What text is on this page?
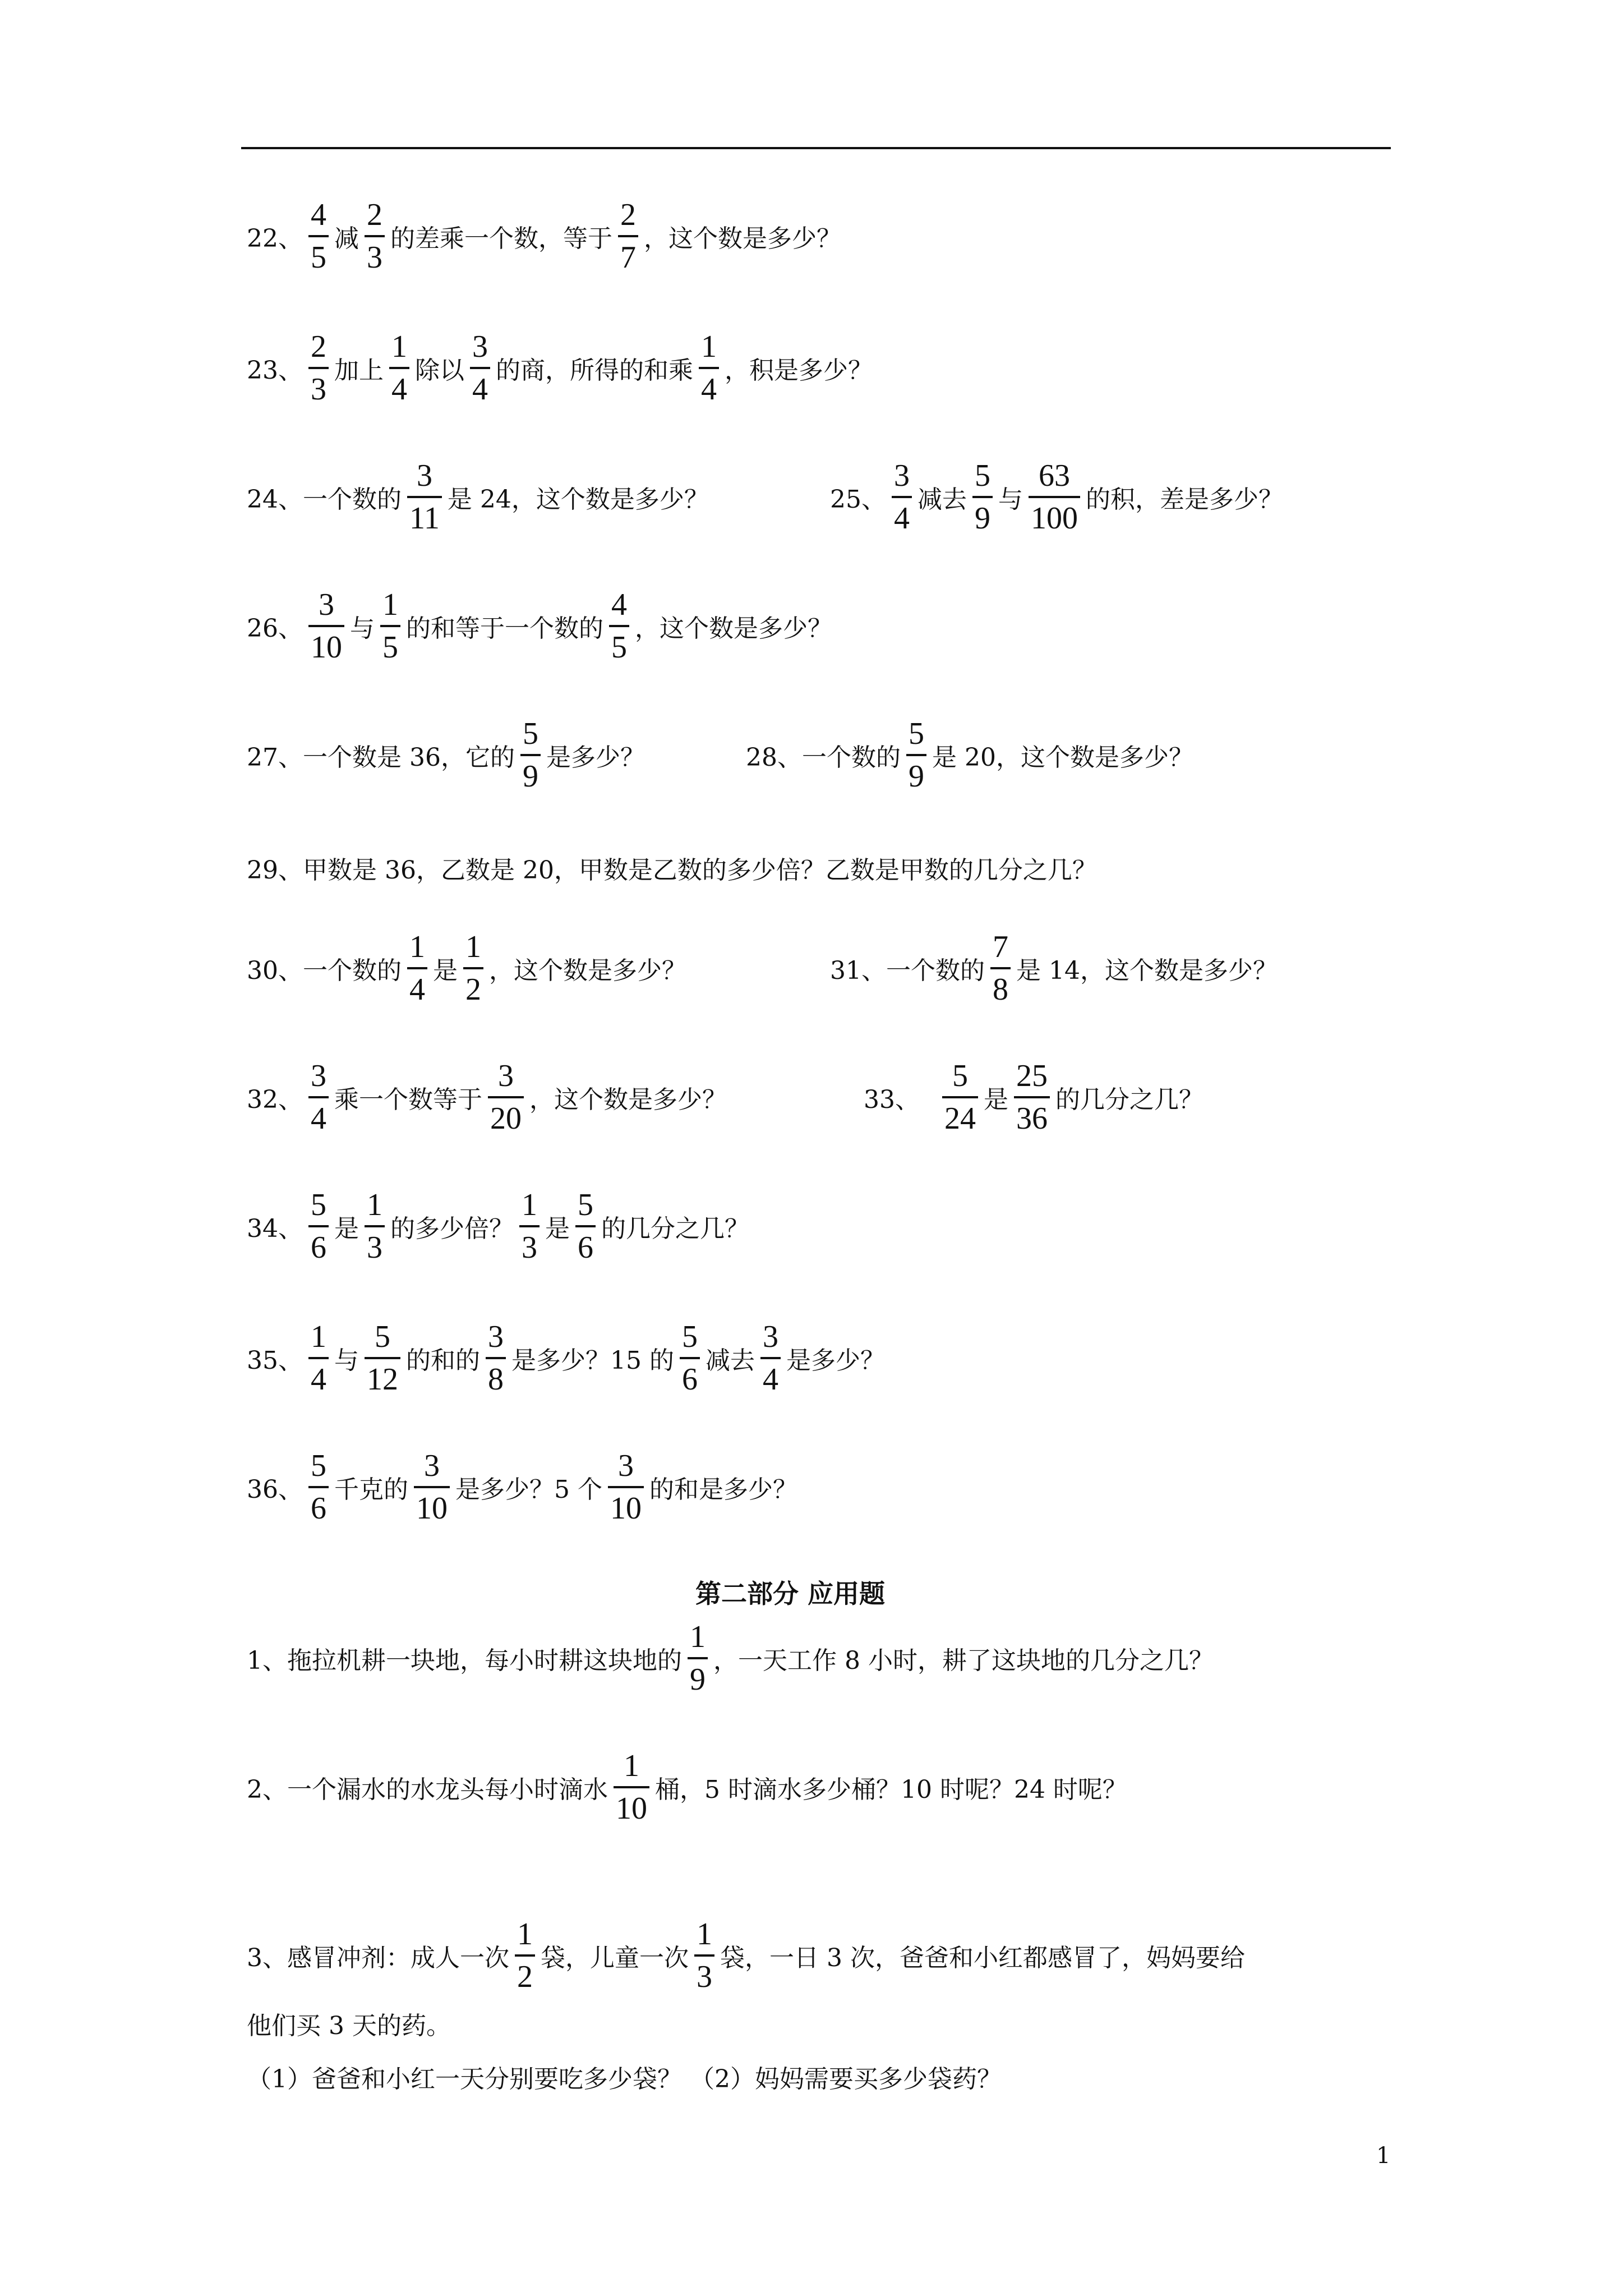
22、 $\frac{4}{5}$ 减 $\frac{2}{3}$ 的差乘一个数，等于 $\frac{2}{7}$ ，这个数是多少？
23、 $\frac{2}{3}$ 加上 $\frac{1}{4}$ 除以 $\frac{3}{4}$ 的商，所得的和乘 $\frac{1}{4}$ ，积是多少？
24、 一个数的 $\frac{3}{11}$ 是 24，这个数是多少？	25、 $\frac{3}{4}$ 减去 $\frac{5}{9}$ 与 $\frac{63}{100}$ 的积，差是多少？
26、 $\frac{3}{10}$ 与 $\frac{1}{5}$ 的和等于一个数的 $\frac{4}{5}$ ，这个数是多少？
27、 一个数是 36，它的 $\frac{5}{9}$ 是多少？	28、 一个数的 $\frac{5}{9}$ 是 20，这个数是多少？
29、甲数是 36，乙数是 20，甲数是乙数的多少倍？乙数是甲数的几分之几？
30、 一个数的 $\frac{1}{4}$ 是 $\frac{1}{2}$ ，这个数是多少？	31、 一个数的 $\frac{7}{8}$ 是 14，这个数是多少？
32、 $\frac{3}{4}$ 乘一个数等于 $\frac{3}{20}$ ，这个数是多少？	33、 $\frac{5}{24}$ 是 $\frac{25}{36}$ 的几分之几？
34、 $\frac{5}{6}$ 是 $\frac{1}{3}$ 的多少倍？ $\frac{1}{3}$ 是 $\frac{5}{6}$ 的几分之几？
35、 $\frac{1}{4}$ 与 $\frac{5}{12}$ 的和的 $\frac{3}{8}$ 是多少？15 的 $\frac{5}{6}$ 减去 $\frac{3}{4}$ 是多少？
36、 $\frac{5}{6}$ 千克的 $\frac{3}{10}$ 是多少？5 个 $\frac{3}{10}$ 的和是多少？
第二部分 应用题
1、拖拉机耕一块地，每小时耕这块地的 $\frac{1}{9}$ ，一天工作 8 小时，耕了这块地的几分之几？
2、一个漏水的水龙头每小时滴水 $\frac{1}{10}$ 桶，5 时滴水多少桶？10 时呢？24 时呢？
3、感冒冲剂：成人一次 $\frac{1}{2}$ 袋，儿童一次 $\frac{1}{3}$ 袋，一日 3 次，爸爸和小红都感冒了，妈妈要给
他们买 3 天的药。
（1）爸爸和小红一天分别要吃多少袋？ （2）妈妈需要买多少袋药？
1
